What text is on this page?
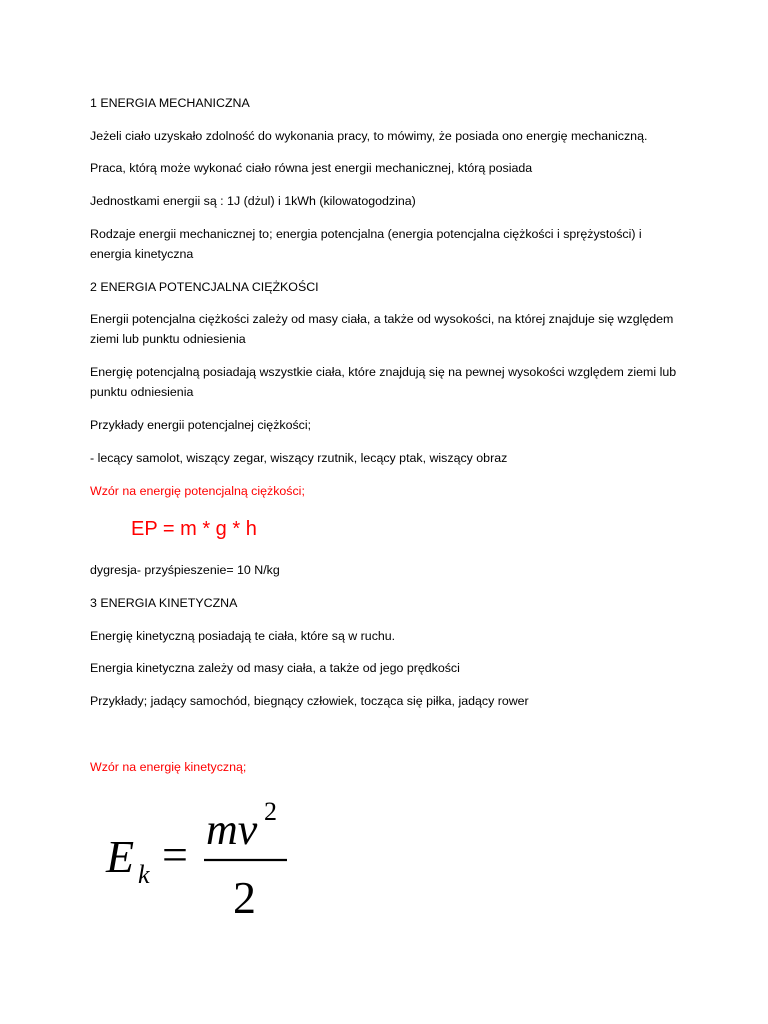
1 ENERGIA MECHANICZNA

Jeżeli ciało uzyskało zdolność do wykonania pracy, to mówimy, że posiada ono energię mechaniczną.

Praca, którą może wykonać ciało równa jest energii mechanicznej, którą posiada

Jednostkami energii są : 1J (dżul) i 1kWh (kilowatogodzina)

Rodzaje energii mechanicznej to; energia potencjalna (energia potencjalna ciężkości i sprężystości) i energia kinetyczna

2 ENERGIA POTENCJALNA CIĘŻKOŚCI

Energii potencjalna ciężkości zależy od masy ciała, a także od wysokości, na której znajduje się względem ziemi lub punktu odniesienia

Energię potencjalną posiadają wszystkie ciała, które znajdują się na pewnej wysokości względem ziemi lub punktu odniesienia

Przykłady energii potencjalnej ciężkości;

- lecący samolot, wiszący zegar, wiszący rzutnik, lecący ptak, wiszący obraz

Wzór na energię potencjalną ciężkości;

EP = m * g * h

dygresja- przyśpieszenie= 10 N/kg

3 ENERGIA KINETYCZNA

Energię kinetyczną posiadają te ciała, które są w ruchu.

Energia kinetyczna zależy od masy ciała, a także od jego prędkości

Przykłady; jadący samochód, biegnący człowiek, tocząca się piłka, jadący rower

Wzór na energię kinetyczną;

E k = mv 2
2
